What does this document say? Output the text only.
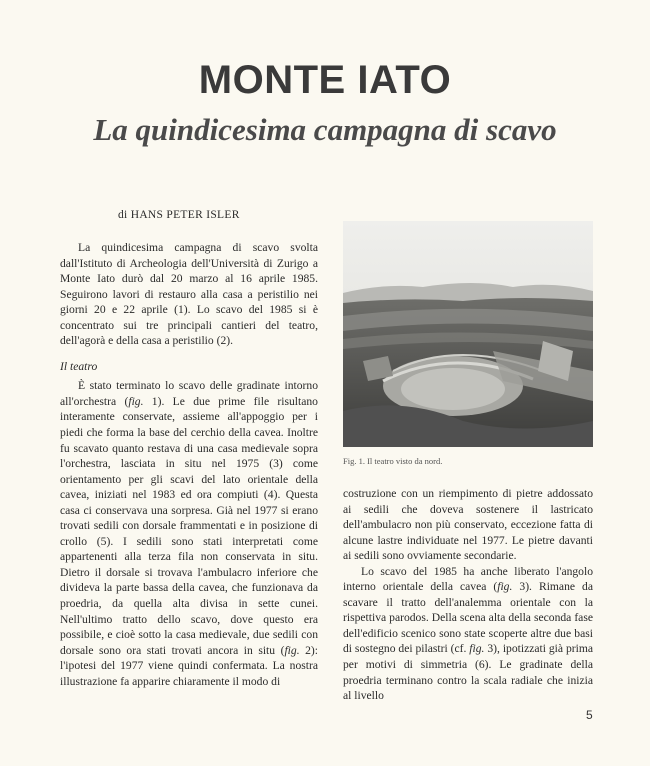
MONTE IATO
La quindicesima campagna di scavo
di HANS PETER ISLER

La quindicesima campagna di scavo svolta dall'Istituto di Archeologia dell'Università di Zurigo a Monte Iato durò dal 20 marzo al 16 aprile 1985. Seguirono lavori di restauro alla casa a peristilio nei giorni 20 e 22 aprile (1). Lo scavo del 1985 si è concentrato sui tre principali cantieri del teatro, dell'agorà e della casa a peristilio (2).

Il teatro

È stato terminato lo scavo delle gradinate intorno all'orchestra (fig. 1). Le due prime file risultano interamente conservate, assieme all'appoggio per i piedi che forma la base del cerchio della cavea. Inoltre fu scavato quanto restava di una casa medievale sopra l'orchestra, lasciata in situ nel 1975 (3) come orientamento per gli scavi del lato orientale della cavea, iniziati nel 1983 ed ora compiuti (4). Questa casa ci conservava una sorpresa. Già nel 1977 si erano trovati sedili con dorsale frammentati e in posizione di crollo (5). I sedili sono stati interpretati come appartenenti alla terza fila non conservata in situ. Dietro il dorsale si trovava l'ambulacro inferiore che divideva la parte bassa della cavea, che funzionava da proedria, da quella alta divisa in sette cunei. Nell'ultimo tratto dello scavo, dove questo era possibile, e cioè sotto la casa medievale, due sedili con dorsale sono ora stati trovati ancora in situ (fig. 2): l'ipotesi del 1977 viene quindi confermata. La nostra illustrazione fa apparire chiaramente il modo di

Fig. 1. Il teatro visto da nord.

costruzione con un riempimento di pietre addossato ai sedili che doveva sostenere il lastricato dell'ambulacro non più conservato, eccezione fatta di alcune lastre individuate nel 1977. Le pietre davanti ai sedili sono ovviamente secondarie.

Lo scavo del 1985 ha anche liberato l'angolo interno orientale della cavea (fig. 3). Rimane da scavare il tratto dell'analemma orientale con la rispettiva parodos. Della scena alta della seconda fase dell'edificio scenico sono state scoperte altre due basi di sostegno dei pilastri (cf. fig. 3), ipotizzati già prima per motivi di simmetria (6). Le gradinate della proedria terminano contro la scala radiale che inizia al livello

5
